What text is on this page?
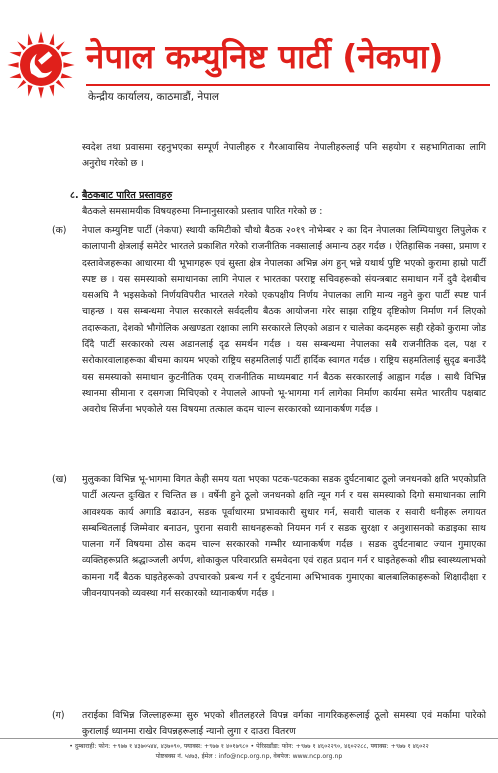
नेपाल कम्युनिष्ट पार्टी (नेकपा)
केन्द्रीय कार्यालय, काठमाडौं, नेपाल
स्वदेश तथा प्रवासमा रहनुभएका सम्पूर्ण नेपालीहरु र गैरआवासिय नेपालीहरुलाई पनि सहयोग र सहभागिताका लागि अनुरोध गरेको छ ।
८. बैठकबाट पारित प्रस्तावहरु
बैठकले समसामयीक विषयहरुमा निम्नानुसारको प्रस्ताव पारित गरेको छ :
(क) नेपाल कम्युनिष्ट पार्टी (नेकपा) स्थायी कमिटीको चौथो बैठक २०१९ नोभेम्बर २ का दिन नेपालका लिम्पियाधुरा लिपुलेक र कालापानी क्षेत्रलाई समेटेर भारतले प्रकाशित गरेको राजनीतिक नक्सालाई अमान्य ठहर गर्दछ । ऐतिहासिक नक्सा, प्रमाण र दस्तावेजहरूका आधारमा यी भूभागहरू एवं सुस्ता क्षेत्र नेपालका अभिन्न अंग हुन् भन्ने यथार्थ पुष्टि भएको कुरामा हाम्रो पार्टी स्पष्ट छ । यस समस्याको समाधानका लागि नेपाल र भारतका परराष्ट्र सचिवहरूको संयन्त्रबाट समाधान गर्ने दुवै देशबीच यसअघि नै भइसकेको निर्णयविपरीत भारतले गरेको एकपक्षीय निर्णय नेपालका लागि मान्य नहुने कुरा पार्टी स्पष्ट पार्न चाहन्छ । यस सम्बन्धमा नेपाल सरकारले सर्वदलीय बैठक आयोजना गरेर साझा राष्ट्रिय दृष्टिकोण निर्माण गर्न लिएको तदारूकता, देशको भौगोलिक अखण्डता रक्षाका लागि सरकारले लिएको अडान र चालेका कदमहरू सही रहेको कुरामा जोड दिँदै पार्टी सरकारको त्यस अडानलाई दृढ समर्थन गर्दछ । यस सम्बन्धमा नेपालका सबै राजनीतिक दल, पक्ष र सरोकारवालाहरूका बीचमा कायम भएको राष्ट्रिय सहमतिलाई पार्टी हार्दिक स्वागत गर्दछ । राष्ट्रिय सहमतिलाई सुदृढ बनाउँदै यस समस्याको समाधान कुटनीतिक एवम् राजनीतिक माध्यमबाट गर्न बैठक सरकारलाई आह्वान गर्दछ । साथै विभिन्न स्थानमा सीमाना र दसगजा मिचिएको र नेपालले आफ्नो भू-भागमा गर्न लागेका निर्माण कार्यमा समेत भारतीय पक्षबाट अवरोध सिर्जना भएकोले यस विषयमा तत्काल कदम चाल्न सरकारको ध्यानाकर्षण गर्दछ ।
(ख) मुलुकका विभिन्न भू-भागमा विगत केही समय यता भएका पटक-पटकका सडक दुर्घटनाबाट ठूलो जनधनको क्षति भएकोप्रति पार्टी अत्यन्त दुःखित र चिन्तित छ । वर्षेनी हुने ठूलो जनधनको क्षति न्यून गर्न र यस समस्याको दिगो समाधानका लागि आवश्यक कार्य अगाडि बढाउन, सडक पूर्वाधारमा प्रभावकारी सुधार गर्न, सवारी चालक र सवारी धनीहरू लगायत सम्बन्धितलाई जिम्मेवार बनाउन, पुराना सवारी साधनहरूको नियमन गर्न र सडक सुरक्षा र अनुशासनको कडाइका साथ पालना गर्ने विषयमा ठोस कदम चाल्न सरकारको गम्भीर ध्यानाकर्षण गर्दछ । सडक दुर्घटनाबाट ज्यान गुमाएका व्यक्तिहरूप्रति श्रद्धाञ्जली अर्पण, शोकाकुल परिवारप्रति समवेदना एवं राहत प्रदान गर्न र घाइतेहरूको शीघ्र स्वास्थ्यलाभको कामना गर्दै बैठक घाइतेहरूको उपचारको प्रबन्ध गर्न र दुर्घटनामा अभिभावक गुमाएका बालबालिकाहरूको शिक्षादीक्षा र जीवनयापनको व्यवस्था गर्न सरकारको ध्यानाकर्षण गर्दछ ।
(ग) तराईका विभिन्न जिल्लाहरूमा सुरु भएको शीतलहरले विपन्न वर्गका नागरिकहरूलाई ठूलो समस्या एवं मर्कामा पारेको कुरालाई ध्यानमा राखेर विपन्नहरूलाई न्यानो लुगा र दाउरा वितरण
• दुम्बाराही: फोन: +९७७ १ ४३७०५४४, ४३७०९०, फ्याक्स: +९७७ १ ४०१७९८० • पेरिसडाँडा: फोन: +९७७ १ ४६०२२९०, ४६०२२८८, फ्याक्स: +९७७ १ ४६०२२
पोष्टबक्स नं. ५४७३, ईमेल : info@ncp.org.np, वेबपेज: www.ncp.org.np
